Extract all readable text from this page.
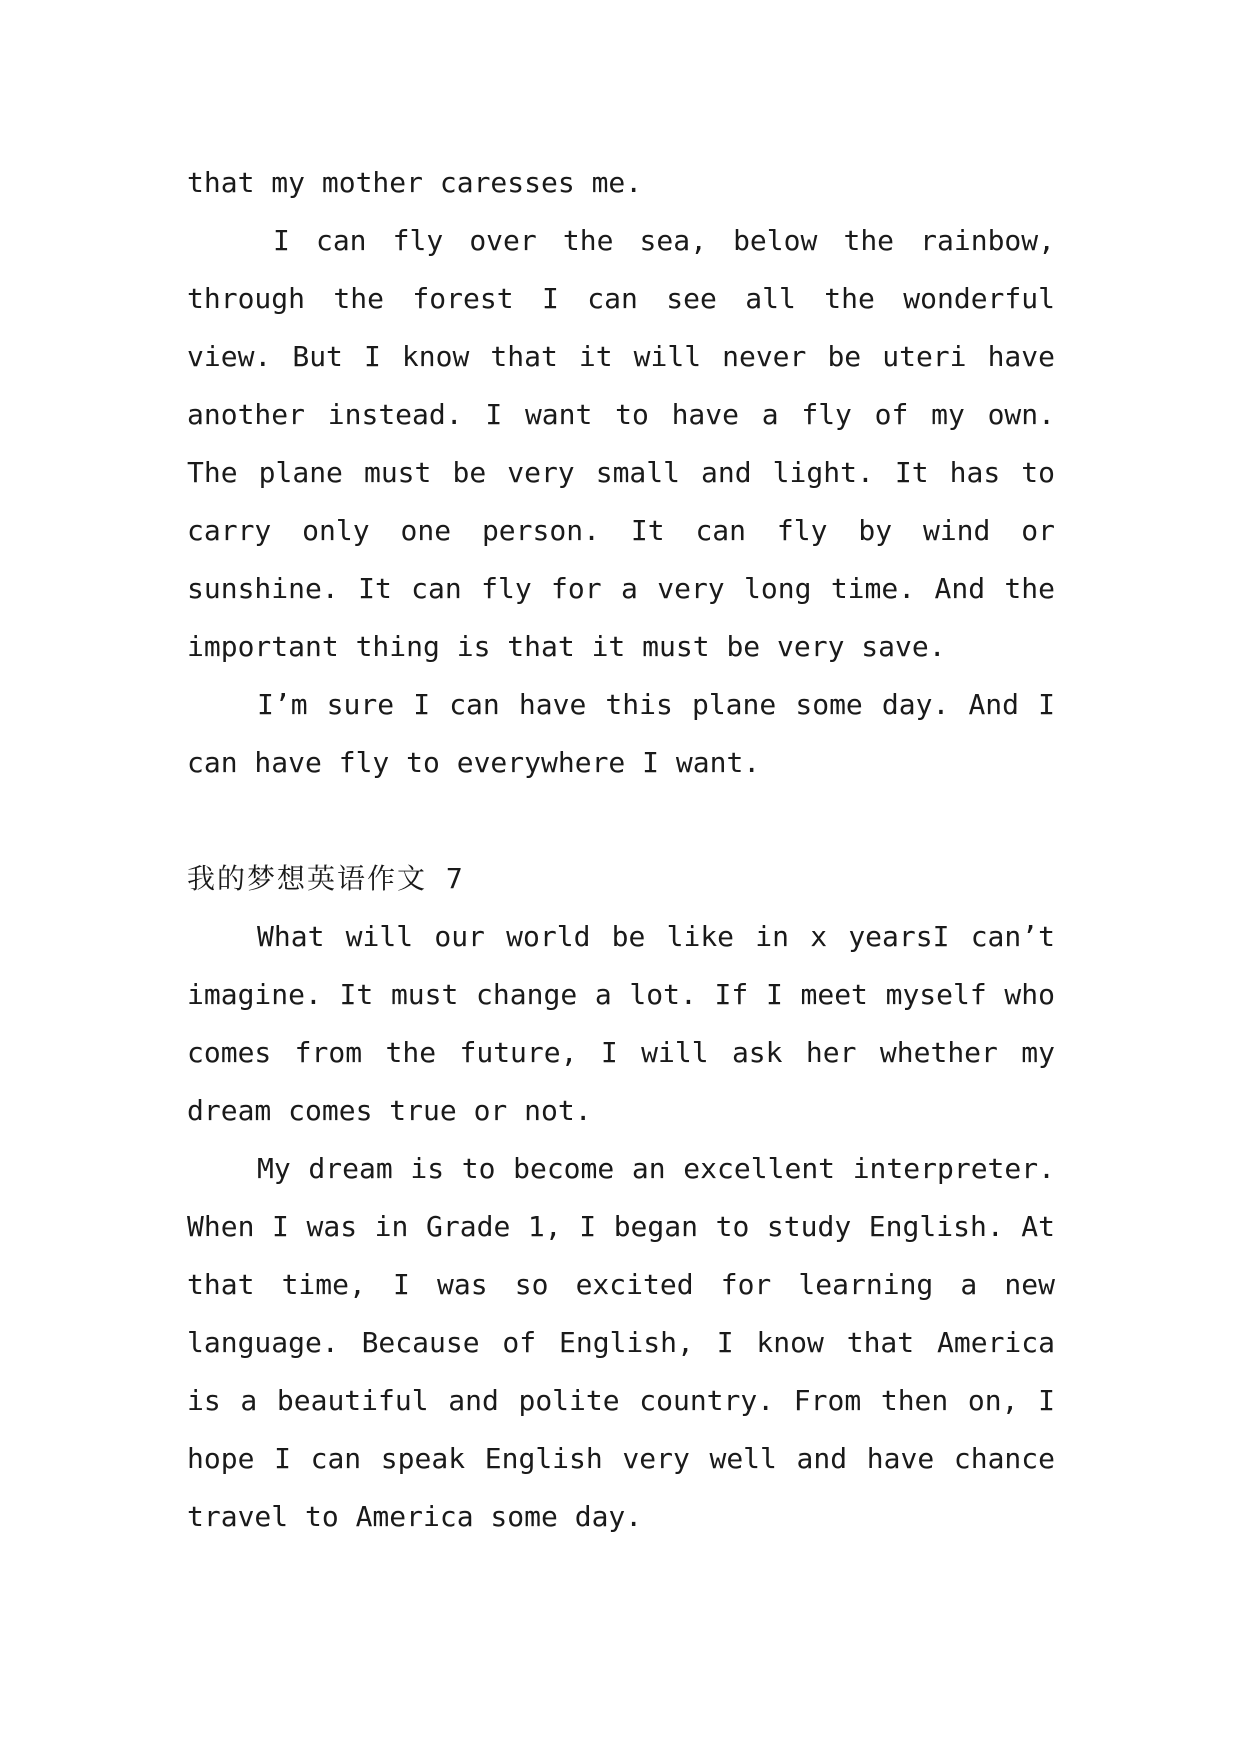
that my mother caresses me.

I can fly over the sea, below the rainbow, through the forest I can see all the wonderful view. But I know that it will never be uteri have another instead. I want to have a fly of my own. The plane must be very small and light. It has to carry only one person. It can fly by wind or sunshine. It can fly for a very long time. And the important thing is that it must be very save.

I’m sure I can have this plane some day. And I can have fly to everywhere I want.

我的梦想英语作文 7

What will our world be like in x yearsI can’t imagine. It must change a lot. If I meet myself who comes from the future, I will ask her whether my dream comes true or not.

My dream is to become an excellent interpreter. When I was in Grade 1, I began to study English. At that time, I was so excited for learning a new language. Because of English, I know that America is a beautiful and polite country. From then on, I hope I can speak English very well and have chance travel to America some day.
